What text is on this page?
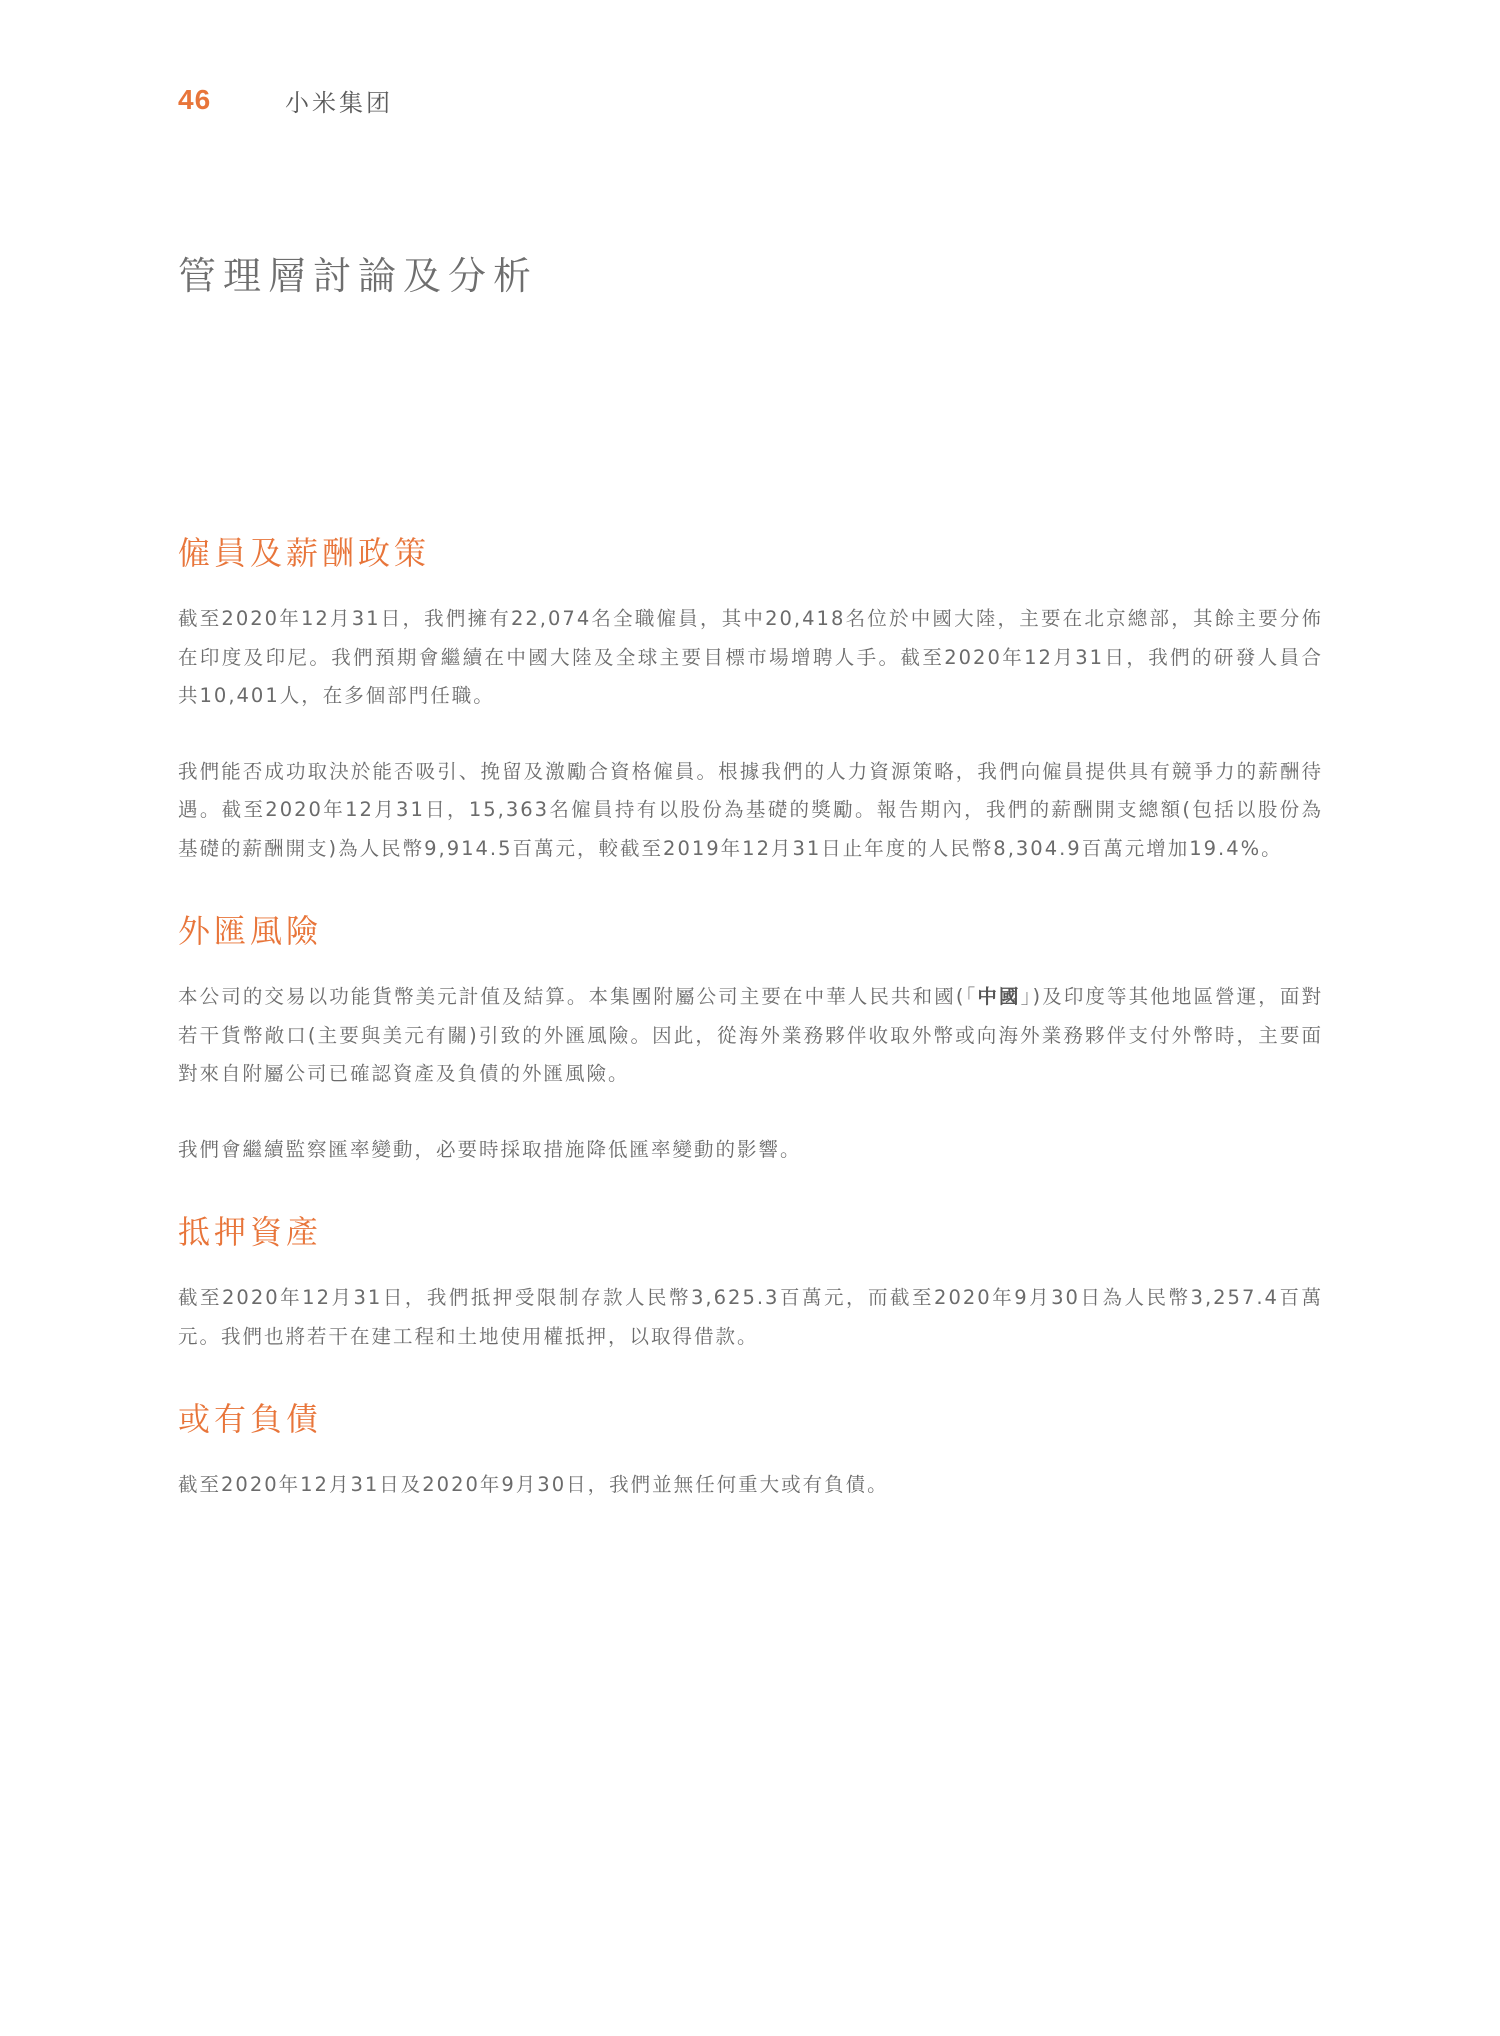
46	小米集团
管理層討論及分析
僱員及薪酬政策

截至2020年12月31日，我們擁有22,074名全職僱員，其中20,418名位於中國大陸，主要在北京總部，其餘主要分佈在印度及印尼。我們預期會繼續在中國大陸及全球主要目標市場增聘人手。截至2020年12月31日，我們的研發人員合共10,401人，在多個部門任職。

我們能否成功取決於能否吸引、挽留及激勵合資格僱員。根據我們的人力資源策略，我們向僱員提供具有競爭力的薪酬待遇。截至2020年12月31日，15,363名僱員持有以股份為基礎的獎勵。報告期內，我們的薪酬開支總額(包括以股份為基礎的薪酬開支)為人民幣9,914.5百萬元，較截至2019年12月31日止年度的人民幣8,304.9百萬元增加19.4%。

外匯風險

本公司的交易以功能貨幣美元計值及結算。本集團附屬公司主要在中華人民共和國(「中國」)及印度等其他地區營運，面對若干貨幣敞口(主要與美元有關)引致的外匯風險。因此，從海外業務夥伴收取外幣或向海外業務夥伴支付外幣時，主要面對來自附屬公司已確認資產及負債的外匯風險。

我們會繼續監察匯率變動，必要時採取措施降低匯率變動的影響。

抵押資產

截至2020年12月31日，我們抵押受限制存款人民幣3,625.3百萬元，而截至2020年9月30日為人民幣3,257.4百萬元。我們也將若干在建工程和土地使用權抵押，以取得借款。

或有負債

截至2020年12月31日及2020年9月30日，我們並無任何重大或有負債。
